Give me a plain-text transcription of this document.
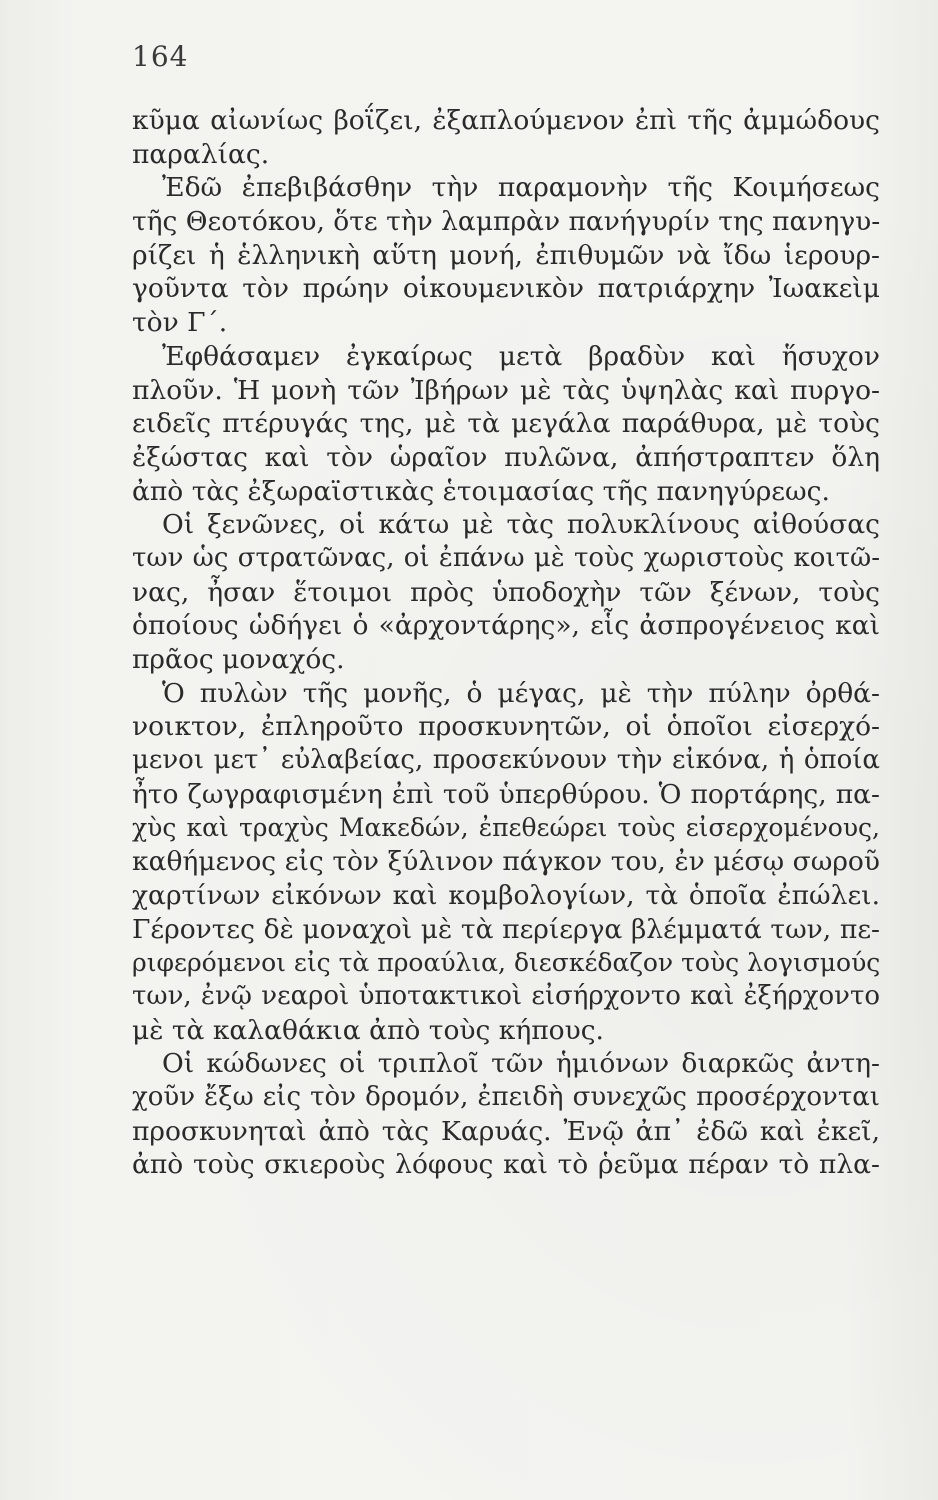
164
κῦμα αἰωνίως βοΐζει, ἐξαπλούμενον ἐπὶ τῆς ἀμμώδους
παραλίας.
Ἐδῶ ἐπεβιβάσθην τὴν παραμονὴν τῆς Κοιμήσεως
τῆς Θεοτόκου, ὅτε τὴν λαμπρὰν πανήγυρίν της πανηγυ-
ρίζει ἡ ἑλληνικὴ αὕτη μονή, ἐπιθυμῶν νὰ ἴδω ἱερουρ-
γοῦντα τὸν πρώην οἰκουμενικὸν πατριάρχην Ἰωακεὶμ
τὸν Γ΄.
Ἐφθάσαμεν ἐγκαίρως μετὰ βραδὺν καὶ ἥσυχον
πλοῦν. Ἡ μονὴ τῶν Ἰβήρων μὲ τὰς ὑψηλὰς καὶ πυργο-
ειδεῖς πτέρυγάς της, μὲ τὰ μεγάλα παράθυρα, μὲ τοὺς
ἐξώστας καὶ τὸν ὡραῖον πυλῶνα, ἀπήστραπτεν ὅλη
ἀπὸ τὰς ἐξωραϊστικὰς ἑτοιμασίας τῆς πανηγύρεως.
Οἱ ξενῶνες, οἱ κάτω μὲ τὰς πολυκλίνους αἰθούσας
των ὡς στρατῶνας, οἱ ἐπάνω μὲ τοὺς χωριστοὺς κοιτῶ-
νας, ἦσαν ἕτοιμοι πρὸς ὑποδοχὴν τῶν ξένων, τοὺς
ὁποίους ὡδήγει ὁ «ἀρχοντάρης», εἷς ἀσπρογένειος καὶ
πρᾶος μοναχός.
Ὁ πυλὼν τῆς μονῆς, ὁ μέγας, μὲ τὴν πύλην ὀρθά-
νοικτον, ἐπληροῦτο προσκυνητῶν, οἱ ὁποῖοι εἰσερχό-
μενοι μετ᾽ εὐλαβείας, προσεκύνουν τὴν εἰκόνα, ἡ ὁποία
ἦτο ζωγραφισμένη ἐπὶ τοῦ ὑπερθύρου. Ὁ πορτάρης, πα-
χὺς καὶ τραχὺς Μακεδών, ἐπεθεώρει τοὺς εἰσερχομένους,
καθήμενος εἰς τὸν ξύλινον πάγκον του, ἐν μέσῳ σωροῦ
χαρτίνων εἰκόνων καὶ κομβολογίων, τὰ ὁποῖα ἐπώλει.
Γέροντες δὲ μοναχοὶ μὲ τὰ περίεργα βλέμματά των, πε-
ριφερόμενοι εἰς τὰ προαύλια, διεσκέδαζον τοὺς λογισμούς
των, ἐνῷ νεαροὶ ὑποτακτικοὶ εἰσήρχοντο καὶ ἐξήρχοντο
μὲ τὰ καλαθάκια ἀπὸ τοὺς κήπους.
Οἱ κώδωνες οἱ τριπλοῖ τῶν ἡμιόνων διαρκῶς ἀντη-
χοῦν ἔξω εἰς τὸν δρομόν, ἐπειδὴ συνεχῶς προσέρχονται
προσκυνηταὶ ἀπὸ τὰς Καρυάς. Ἐνῷ ἀπ᾽ ἐδῶ καὶ ἐκεῖ,
ἀπὸ τοὺς σκιεροὺς λόφους καὶ τὸ ῥεῦμα πέραν τὸ πλα-
